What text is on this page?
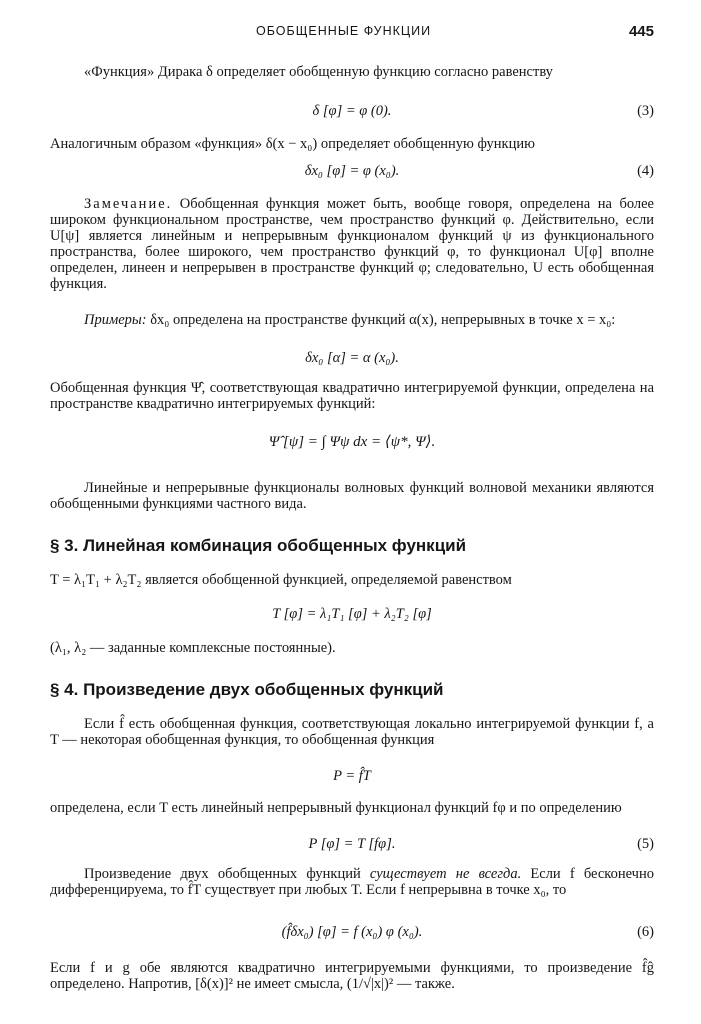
ОБОБЩЕННЫЕ ФУНКЦИИ	445

«Функция» Дирака δ определяет обобщенную функцию согласно равенству

δ [φ] = φ (0).	(3)

Аналогичным образом «функция» δ(x − x₀) определяет обобщенную функцию

δx₀ [φ] = φ (x₀).	(4)

Замечание. Обобщенная функция может быть, вообще говоря, определена на более широком функциональном пространстве, чем пространство функций φ. Действительно, если U[ψ] является линейным и непрерывным функционалом функций ψ из функционального пространства, более широкого, чем пространство функций φ, то функционал U[φ] вполне определен, линеен и непрерывен в пространстве функций φ; следовательно, U есть обобщенная функция.

Примеры: δx₀ определена на пространстве функций α(x), непрерывных в точке x = x₀:

δx₀ [α] = α (x₀).

Обобщенная функция Ψ̂, соответствующая квадратично интегрируемой функции, определена на пространстве квадратично интегрируемых функций:

Ψ̂ [ψ] = ∫ Ψψ dx = ⟨ψ*, Ψ⟩.

Линейные и непрерывные функционалы волновых функций волновой механики являются обобщенными функциями частного вида.

§ 3. Линейная комбинация обобщенных функций

T = λ₁T₁ + λ₂T₂ является обобщенной функцией, определяемой равенством

T [φ] = λ₁T₁ [φ] + λ₂T₂ [φ]

(λ₁, λ₂ — заданные комплексные постоянные).

§ 4. Произведение двух обобщенных функций

Если f̂ есть обобщенная функция, соответствующая локально интегрируемой функции f, а T — некоторая обобщенная функция, то обобщенная функция

P = f̂T

определена, если T есть линейный непрерывный функционал функций fφ и по определению

P [φ] = T [fφ].	(5)

Произведение двух обобщенных функций существует не всегда. Если f бесконечно дифференцируема, то f̂T существует при любых T. Если f непрерывна в точке x₀, то

(f̂δx₀) [φ] = f (x₀) φ (x₀).	(6)

Если f и g обе являются квадратично интегрируемыми функциями, то произведение f̂ĝ определено. Напротив, [δ(x)]² не имеет смысла, (1/√|x|)² — также.
